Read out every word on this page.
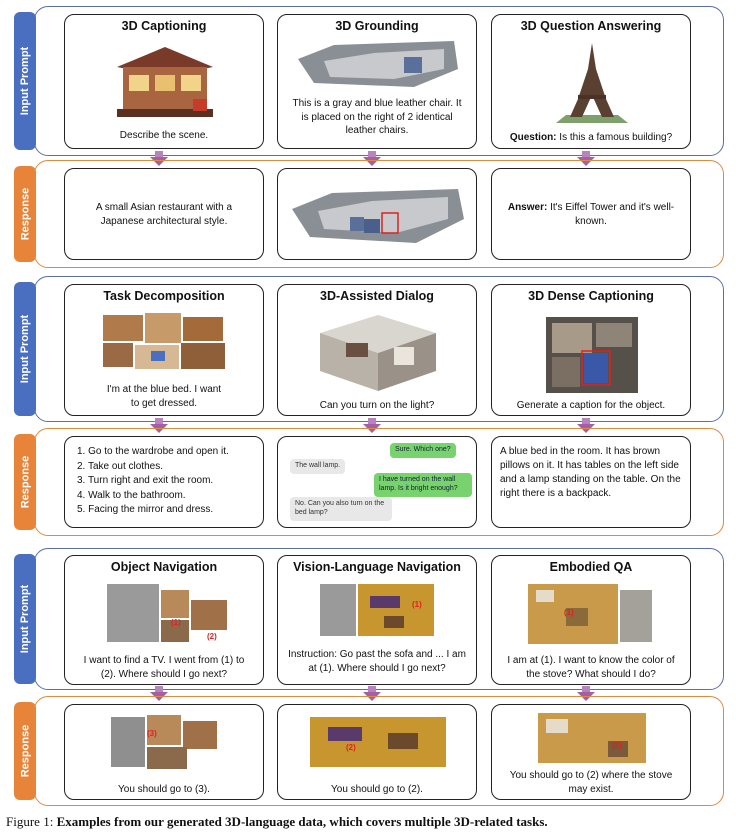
Input Prompt
3D Captioning
Describe the scene.
3D Grounding
This is a gray and blue leather chair. It is placed on the right of 2 identical leather chairs.
3D Question Answering
Question: Is this a famous building?
Response	A small Asian restaurant with a Japanese architectural style.
Answer: It's Eiffel Tower and it's well-known.
Input Prompt
Task Decomposition
I'm at the blue bed. I want to get dressed.
3D-Assisted Dialog
Can you turn on the light?
3D Dense Captioning
Generate a caption for the object.
Response
1. Go to the wardrobe and open it.
2. Take out clothes.
3. Turn right and exit the room.
4. Walk to the bathroom.
5. Facing the mirror and dress.
Sure. Which one?
The wall lamp.
I have turned on the wall lamp. Is it bright enough?
No. Can you also turn on the bed lamp?
A blue bed in the room. It has brown pillows on it. It has tables on the left side and a lamp standing on the table. On the right there is a backpack.
Input Prompt
Object Navigation
(1)
(2)
I want to find a TV. I went from (1) to (2). Where should I go next?
Vision-Language Navigation
(1)
Instruction: Go past the sofa and ... I am at (1). Where should I go next?
Embodied QA
(1)
I am at (1). I want to know the color of the stove? What should I do?
Response	(3)
You should go to (3).
(2)
You should go to (2).
(2)
You should go to (2) where the stove may exist.
Figure 1: Examples from our generated 3D-language data, which covers multiple 3D-related tasks.
